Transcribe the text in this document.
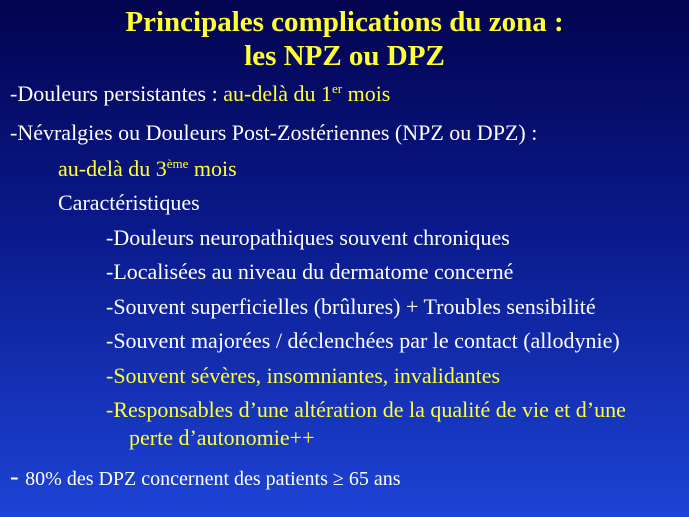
Principales complications du zona :
les NPZ ou DPZ
-Douleurs persistantes : au-delà du 1er mois
-Névralgies ou Douleurs Post-Zostériennes (NPZ ou DPZ) :
au-delà du 3ème mois
Caractéristiques
-Douleurs neuropathiques souvent chroniques
-Localisées au niveau du dermatome concerné
-Souvent superficielles (brûlures) + Troubles sensibilité
-Souvent majorées / déclenchées par le contact (allodynie)
-Souvent sévères, insomniantes, invalidantes
-Responsables d’une altération de la qualité de vie et d’une
perte d’autonomie++
- 80% des DPZ concernent des patients ≥ 65 ans
